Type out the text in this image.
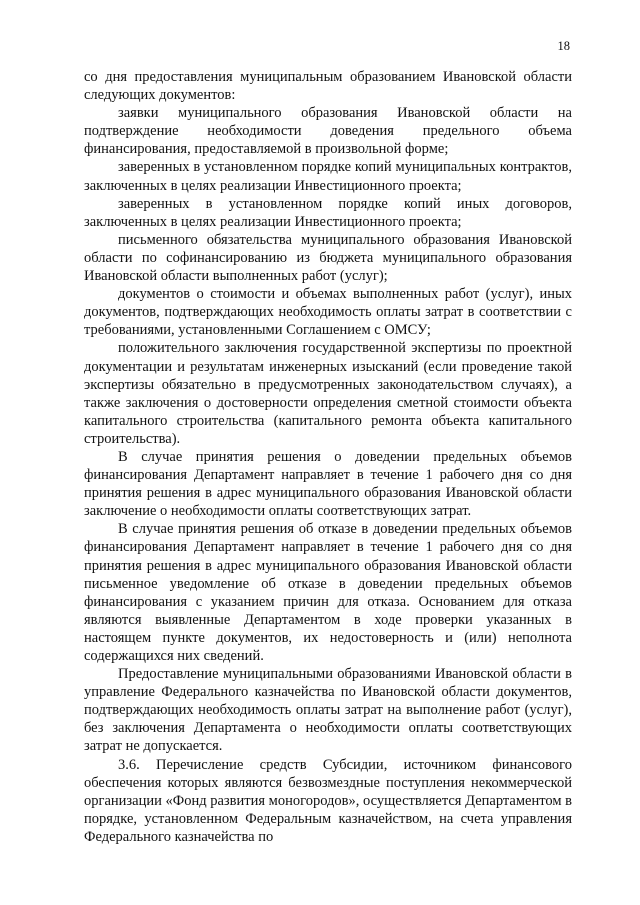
18

со дня предоставления муниципальным образованием Ивановской области следующих документов:

заявки муниципального образования Ивановской области на подтверждение необходимости доведения предельного объема финансирования, предоставляемой в произвольной форме;

заверенных в установленном порядке копий муниципальных контрактов, заключенных в целях реализации Инвестиционного проекта;

заверенных в установленном порядке копий иных договоров, заключенных в целях реализации Инвестиционного проекта;

письменного обязательства муниципального образования Ивановской области по софинансированию из бюджета муниципального образования Ивановской области выполненных работ (услуг);

документов о стоимости и объемах выполненных работ (услуг), иных документов, подтверждающих необходимость оплаты затрат в соответствии с требованиями, установленными Соглашением с ОМСУ;

положительного заключения государственной экспертизы по проектной документации и результатам инженерных изысканий (если проведение такой экспертизы обязательно в предусмотренных законодательством случаях), а также заключения о достоверности определения сметной стоимости объекта капитального строительства (капитального ремонта объекта капитального строительства).

В случае принятия решения о доведении предельных объемов финансирования Департамент направляет в течение 1 рабочего дня со дня принятия решения в адрес муниципального образования Ивановской области заключение о необходимости оплаты соответствующих затрат.

В случае принятия решения об отказе в доведении предельных объемов финансирования Департамент направляет в течение 1 рабочего дня со дня принятия решения в адрес муниципального образования Ивановской области письменное уведомление об отказе в доведении предельных объемов финансирования с указанием причин для отказа. Основанием для отказа являются выявленные Департаментом в ходе проверки указанных в настоящем пункте документов, их недостоверность и (или) неполнота содержащихся них сведений.

Предоставление муниципальными образованиями Ивановской области в управление Федерального казначейства по Ивановской области документов, подтверждающих необходимость оплаты затрат на выполнение работ (услуг), без заключения Департамента о необходимости оплаты соответствующих затрат не допускается.

3.6. Перечисление средств Субсидии, источником финансового обеспечения которых являются безвозмездные поступления некоммерческой организации «Фонд развития моногородов», осуществляется Департаментом в порядке, установленном Федеральным казначейством, на счета управления Федерального казначейства по
